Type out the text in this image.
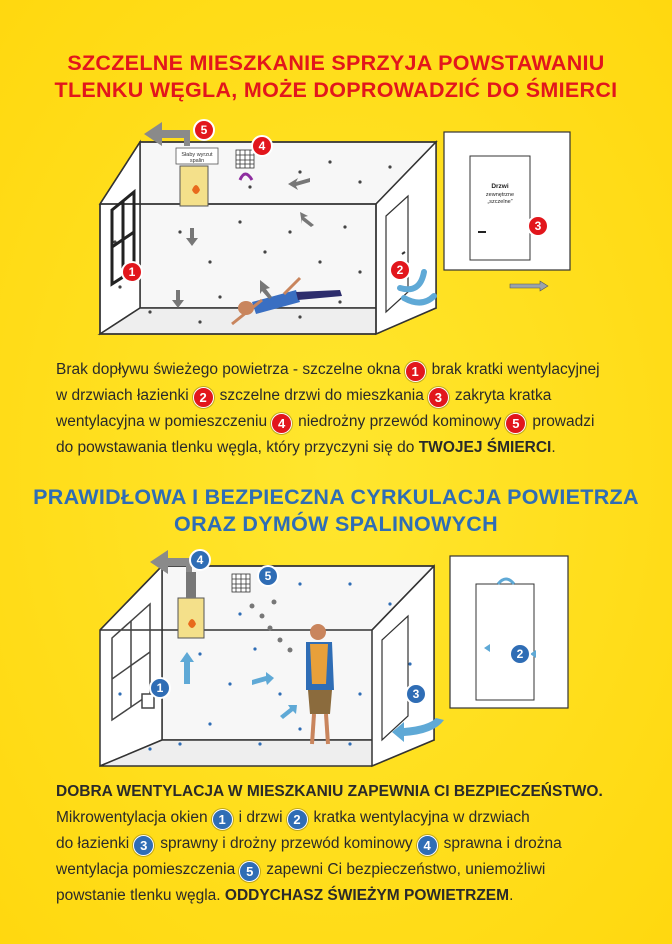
SZCZELNE MIESZKANIE SPRZYJA POWSTAWANIU
TLENKU WĘGLA, MOŻE DOPROWADZIĆ DO ŚMIERCI
Słaby wyrzut
spalin
Drzwi
zewnętrzne
„szczelne”
1	2
3
4
5
Brak dopływu świeżego powietrza - szczelne okna 1 brak kratki wentylacyjnej
w drzwiach łazienki 2 szczelne drzwi do mieszkania 3 zakryta kratka
wentylacyjna w pomieszczeniu 4 niedrożny przewód kominowy 5 prowadzi
do powstawania tlenku węgla, który przyczyni się do TWOJEJ ŚMIERCI.
PRAWIDŁOWA I BEZPIECZNA CYRKULACJA POWIETRZA
ORAZ DYMÓW SPALINOWYCH
1
2
3
4
5
DOBRA WENTYLACJA W MIESZKANIU ZAPEWNIA CI BEZPIECZEŃSTWO.
Mikrowentylacja okien 1 i drzwi 2 kratka wentylacyjna w drzwiach
do łazienki 3 sprawny i drożny przewód kominowy 4 sprawna i drożna
wentylacja pomieszczenia 5 zapewni Ci bezpieczeństwo, uniemożliwi
powstanie tlenku węgla. ODDYCHASZ ŚWIEŻYM POWIETRZEM.
